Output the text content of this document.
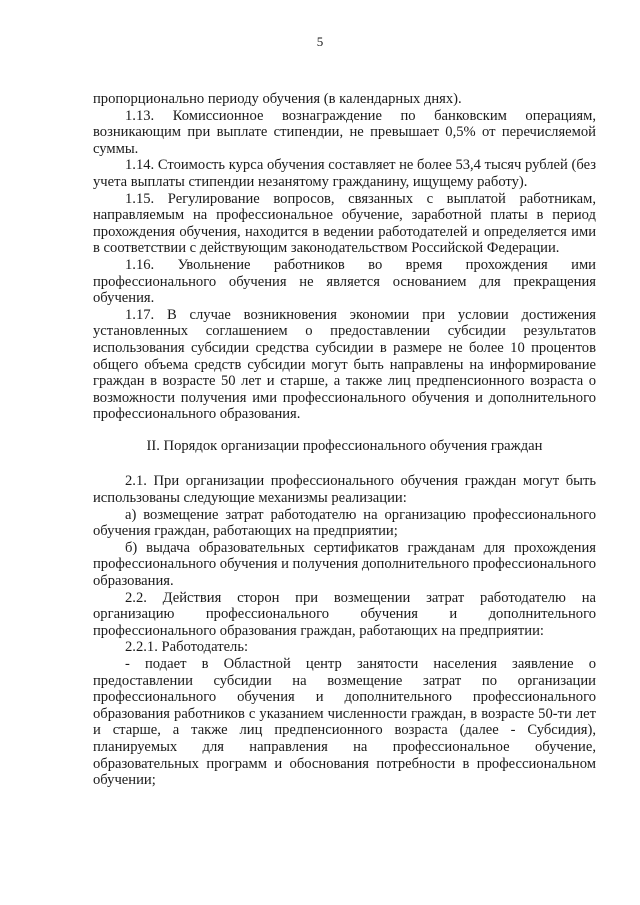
5

пропорционально периоду обучения (в календарных днях).

1.13. Комиссионное вознаграждение по банковским операциям, возникающим при выплате стипендии, не превышает 0,5% от перечисляемой суммы.

1.14. Стоимость курса обучения составляет не более 53,4 тысяч рублей (без учета выплаты стипендии незанятому гражданину, ищущему работу).

1.15. Регулирование вопросов, связанных с выплатой работникам, направляемым на профессиональное обучение, заработной платы в период прохождения обучения, находится в ведении работодателей и определяется ими в соответствии с действующим законодательством Российской Федерации.

1.16. Увольнение работников во время прохождения ими профессионального обучения не является основанием для прекращения обучения.

1.17. В случае возникновения экономии при условии достижения установленных соглашением о предоставлении субсидии результатов использования субсидии средства субсидии в размере не более 10 процентов общего объема средств субсидии могут быть направлены на информирование граждан в возрасте 50 лет и старше, а также лиц предпенсионного возраста о возможности получения ими профессионального обучения и дополнительного профессионального образования.

II. Порядок организации профессионального обучения граждан

2.1. При организации профессионального обучения граждан могут быть использованы следующие механизмы реализации:

а) возмещение затрат работодателю на организацию профессионального обучения граждан, работающих на предприятии;

б) выдача образовательных сертификатов гражданам для прохождения профессионального обучения и получения дополнительного профессионального образования.

2.2. Действия сторон при возмещении затрат работодателю на организацию профессионального обучения и дополнительного профессионального образования граждан, работающих на предприятии:

2.2.1. Работодатель:

- подает в Областной центр занятости населения заявление о предоставлении субсидии на возмещение затрат по организации профессионального обучения и дополнительного профессионального образования работников с указанием численности граждан, в возрасте 50-ти лет и старше, а также лиц предпенсионного возраста (далее - Субсидия), планируемых для направления на профессиональное обучение, образовательных программ и обоснования потребности в профессиональном обучении;
